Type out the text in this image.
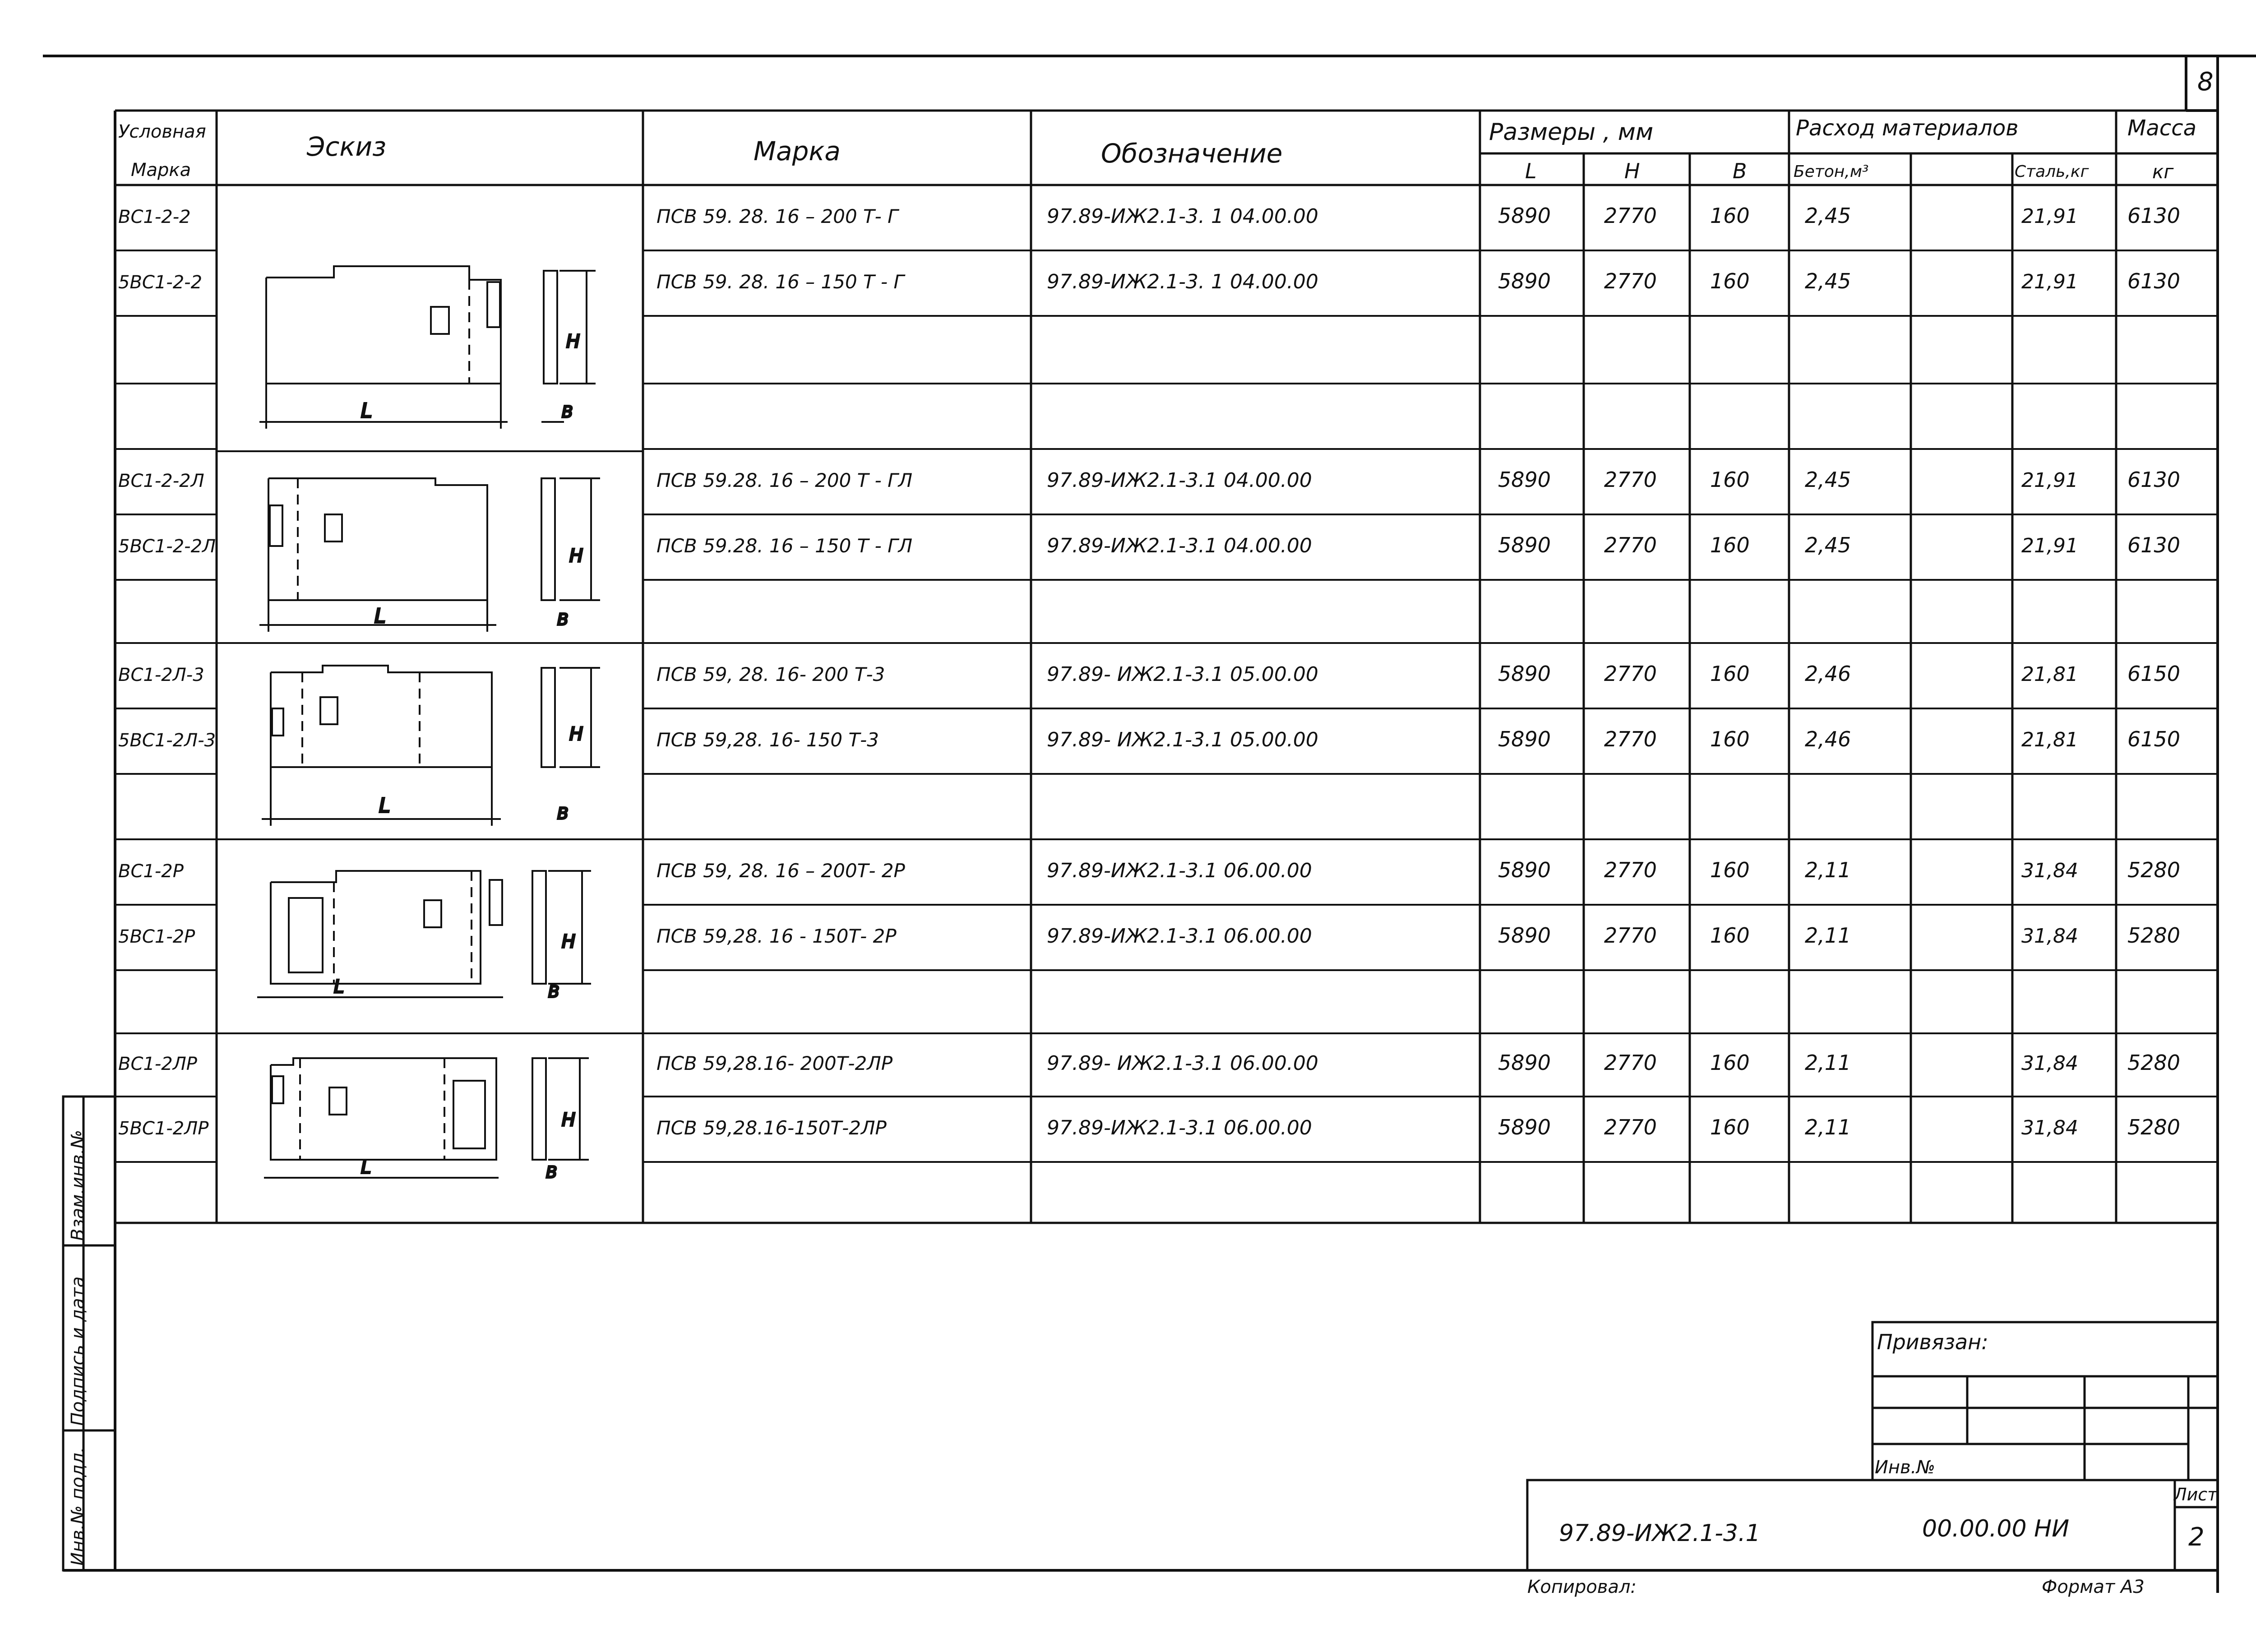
8
Условная
Марка
Эскиз	Марка	Обозначение
Размеры , мм
L	H	B
Расход материалов
Бетон,м³	Сталь,кг
Масса
кг
ВС1-2-2	ПСВ 59. 28. 16 – 200 Т- Г	97.89-ИЖ2.1-3. 1 04.00.00	5890	2770	160	2,45	21,91 6130
5ВС1-2-2	ПСВ 59. 28. 16 – 150 Т - Г	97.89-ИЖ2.1-3. 1 04.00.00	5890	2770	160	2,45	21,91 6130
ВС1-2-2Л	ПСВ 59.28. 16 – 200 Т - ГЛ	97.89-ИЖ2.1-3.1 04.00.00	5890	2770	160	2,45	21,91 6130
5ВС1-2-2Л	ПСВ 59.28. 16 – 150 Т - ГЛ	97.89-ИЖ2.1-3.1 04.00.00	5890	2770	160	2,45	21,91 6130
ВС1-2Л-3	ПСВ 59, 28. 16- 200 Т-3	97.89- ИЖ2.1-3.1 05.00.00	5890	2770	160	2,46	21,81 6150
5ВС1-2Л-3	ПСВ 59,28. 16- 150 Т-3	97.89- ИЖ2.1-3.1 05.00.00	5890	2770	160	2,46	21,81 6150
ВС1-2Р	ПСВ 59, 28. 16 – 200Т- 2Р	97.89-ИЖ2.1-3.1 06.00.00	5890	2770	160	2,11	31,84 5280
5ВС1-2Р	ПСВ 59,28. 16 - 150Т- 2Р	97.89-ИЖ2.1-3.1 06.00.00	5890	2770	160	2,11	31,84 5280
ВС1-2ЛР	ПСВ 59,28.16- 200Т-2ЛР	97.89- ИЖ2.1-3.1 06.00.00	5890	2770	160	2,11	31,84 5280
5ВС1-2ЛР	ПСВ 59,28.16-150Т-2ЛР	97.89-ИЖ2.1-3.1 06.00.00	5890	2770	160	2,11	31,84 5280
L
H
B
L
H
B
L
H
B
L
H
B
L
H
B
Привязан:
Инв.№
97.89-ИЖ2.1-3.1	00.00.00 НИ
Лист
2
Копировал:	Формат А3
Инв.№ подл.
Подпись и дата
Взам.инв.№
